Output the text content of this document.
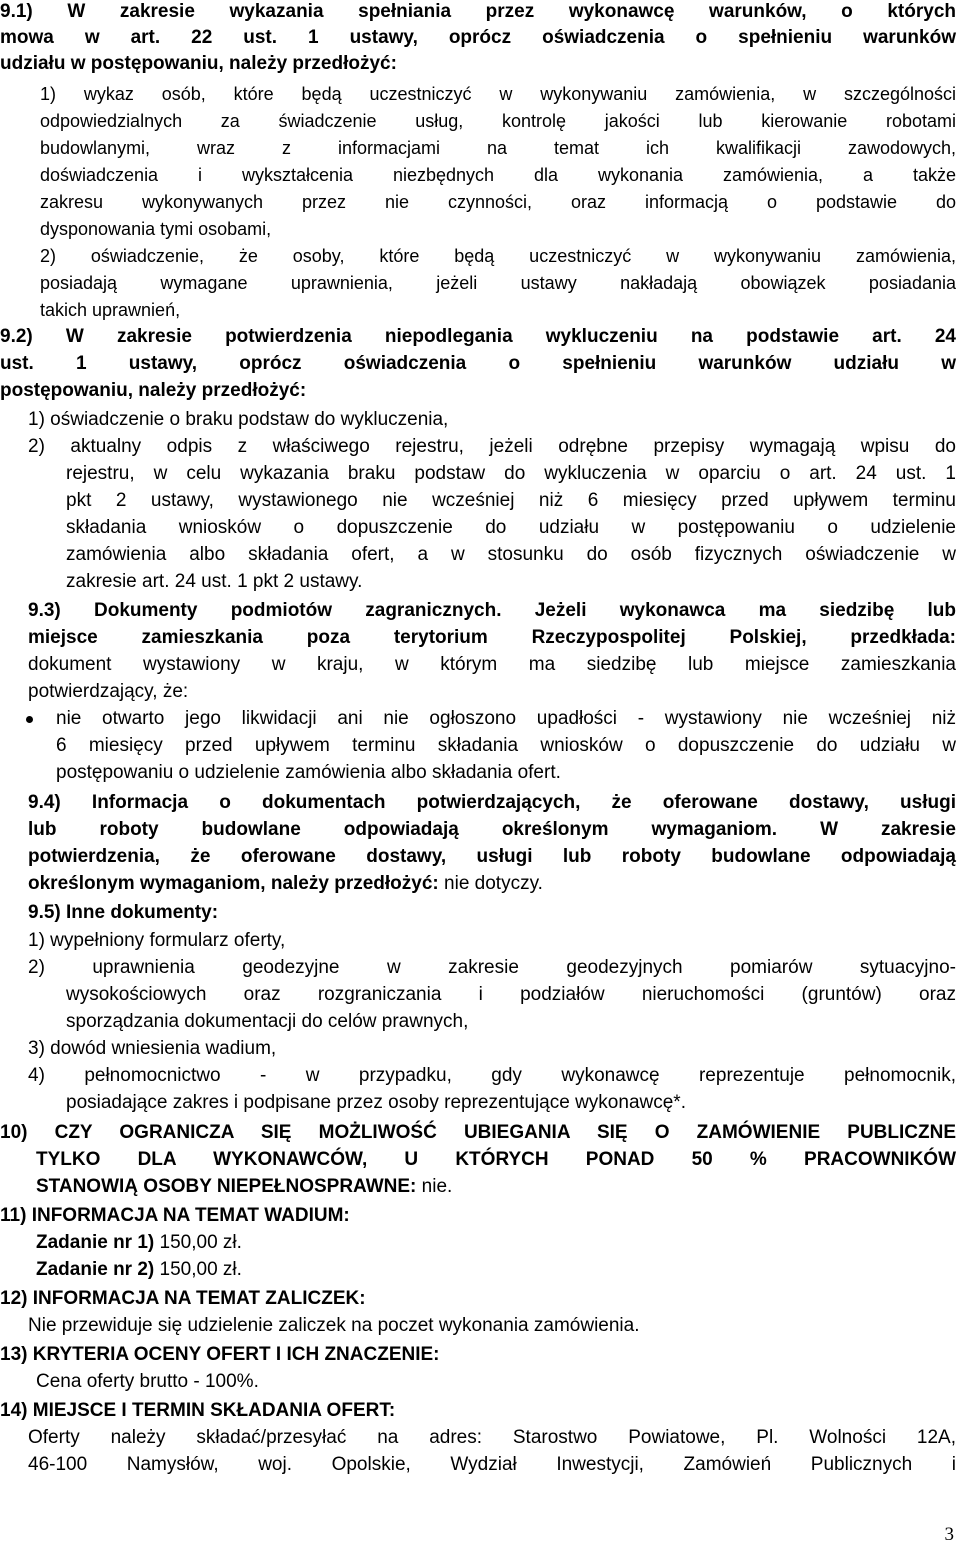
9.1) W zakresie wykazania spełniania przez wykonawcę warunków, o których
mowa w art. 22 ust. 1 ustawy, oprócz oświadczenia o spełnieniu warunków
udziału w postępowaniu, należy przedłożyć:
1) wykaz osób, które będą uczestniczyć w wykonywaniu zamówienia, w szczególności
odpowiedzialnych za świadczenie usług, kontrolę jakości lub kierowanie robotami
budowlanymi, wraz z informacjami na temat ich kwalifikacji zawodowych,
doświadczenia i wykształcenia niezbędnych dla wykonania zamówienia, a także
zakresu wykonywanych przez nie czynności, oraz informacją o podstawie do
dysponowania tymi osobami,
2) oświadczenie, że osoby, które będą uczestniczyć w wykonywaniu zamówienia,
posiadają wymagane uprawnienia, jeżeli ustawy nakładają obowiązek posiadania
takich uprawnień,
9.2) W zakresie potwierdzenia niepodlegania wykluczeniu na podstawie art. 24
ust. 1 ustawy, oprócz oświadczenia o spełnieniu warunków udziału w
postępowaniu, należy przedłożyć:
1) oświadczenie o braku podstaw do wykluczenia,
2) aktualny odpis z właściwego rejestru, jeżeli odrębne przepisy wymagają wpisu do
rejestru, w celu wykazania braku podstaw do wykluczenia w oparciu o art. 24 ust. 1
pkt 2 ustawy, wystawionego nie wcześniej niż 6 miesięcy przed upływem terminu
składania wniosków o dopuszczenie do udziału w postępowaniu o udzielenie
zamówienia albo składania ofert, a w stosunku do osób fizycznych oświadczenie w
zakresie art. 24 ust. 1 pkt 2 ustawy.
9.3) Dokumenty podmiotów zagranicznych. Jeżeli wykonawca ma siedzibę lub
miejsce zamieszkania poza terytorium Rzeczypospolitej Polskiej, przedkłada:
dokument wystawiony w kraju, w którym ma siedzibę lub miejsce zamieszkania
potwierdzający, że:
nie otwarto jego likwidacji ani nie ogłoszono upadłości - wystawiony nie wcześniej niż
6 miesięcy przed upływem terminu składania wniosków o dopuszczenie do udziału w
postępowaniu o udzielenie zamówienia albo składania ofert.
9.4) Informacja o dokumentach potwierdzających, że oferowane dostawy, usługi
lub roboty budowlane odpowiadają określonym wymaganiom. W zakresie
potwierdzenia, że oferowane dostawy, usługi lub roboty budowlane odpowiadają
określonym wymaganiom, należy przedłożyć: nie dotyczy.
9.5) Inne dokumenty:
1) wypełniony formularz oferty,
2) uprawnienia geodezyjne w zakresie geodezyjnych pomiarów sytuacyjno-
wysokościowych oraz rozgraniczania i podziałów nieruchomości (gruntów) oraz
sporządzania dokumentacji do celów prawnych,
3) dowód wniesienia wadium,
4) pełnomocnictwo - w przypadku, gdy wykonawcę reprezentuje pełnomocnik,
posiadające zakres i podpisane przez osoby reprezentujące wykonawcę*.
10) CZY OGRANICZA SIĘ MOŻLIWOŚĆ UBIEGANIA SIĘ O ZAMÓWIENIE PUBLICZNE
TYLKO DLA WYKONAWCÓW, U KTÓRYCH PONAD 50 % PRACOWNIKÓW
STANOWIĄ OSOBY NIEPEŁNOSPRAWNE: nie.
11) INFORMACJA NA TEMAT WADIUM:
Zadanie nr 1) 150,00 zł.
Zadanie nr 2) 150,00 zł.
12) INFORMACJA NA TEMAT ZALICZEK:
Nie przewiduje się udzielenie zaliczek na poczet wykonania zamówienia.
13) KRYTERIA OCENY OFERT I ICH ZNACZENIE:
Cena oferty brutto - 100%.
14) MIEJSCE I TERMIN SKŁADANIA OFERT:
Oferty należy składać/przesyłać na adres: Starostwo Powiatowe, Pl. Wolności 12A,
46-100 Namysłów, woj. Opolskie, Wydział Inwestycji, Zamówień Publicznych i
3
